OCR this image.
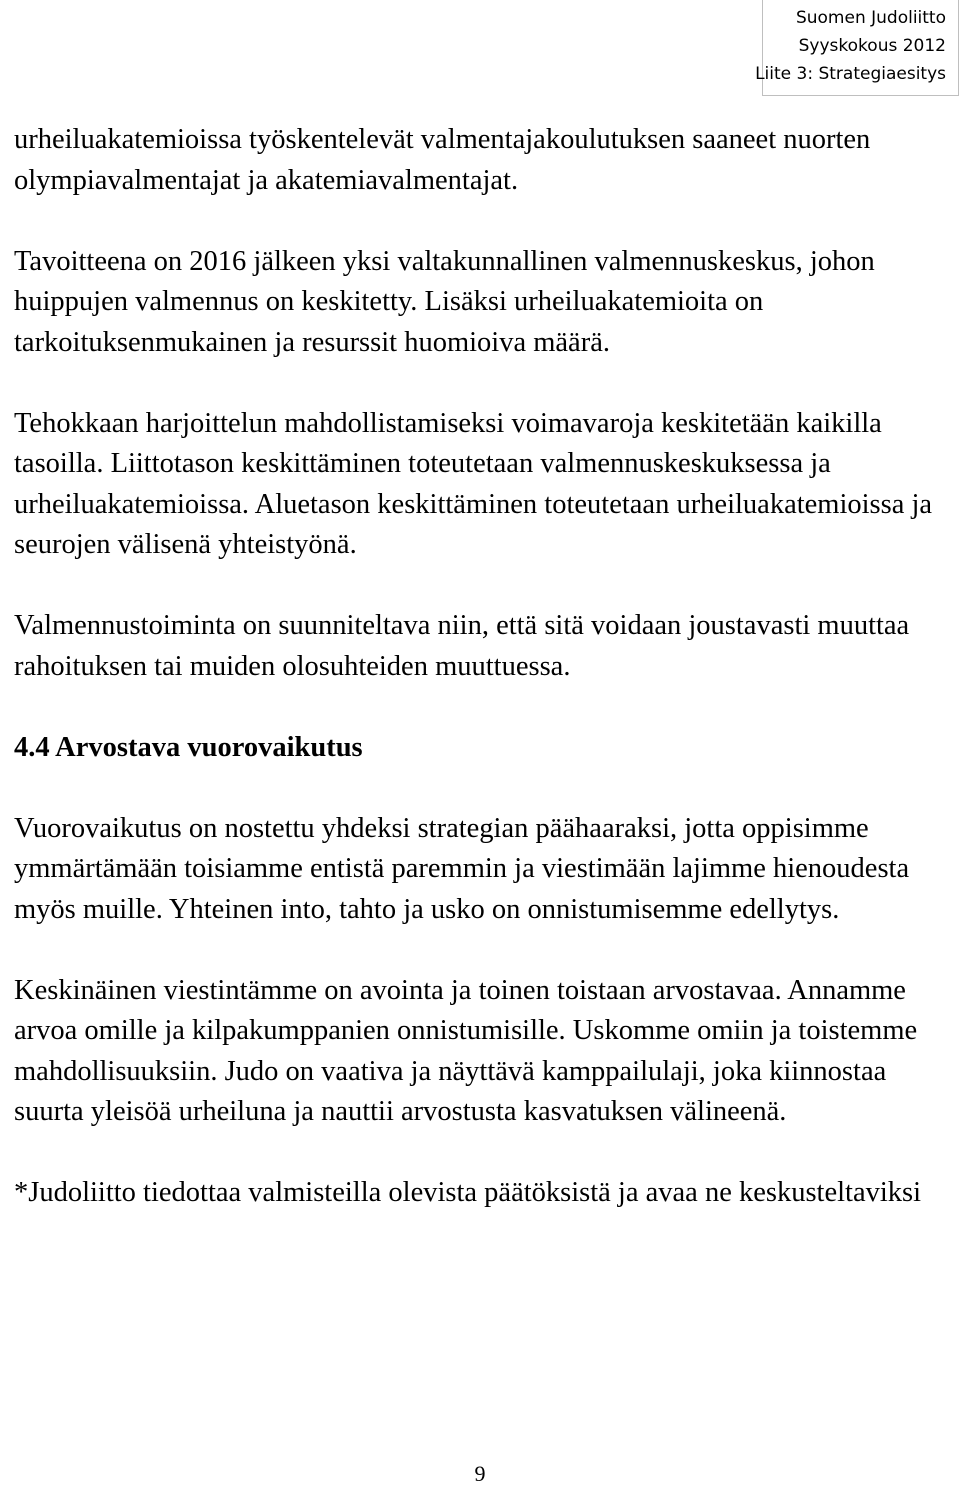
Suomen Judoliitto
Syyskokous 2012
Liite 3: Strategiaesitys

urheiluakatemioissa työskentelevät valmentajakoulutuksen saaneet nuorten olympiavalmentajat ja akatemiavalmentajat.

Tavoitteena on 2016 jälkeen yksi valtakunnallinen valmennuskeskus, johon huippujen valmennus on keskitetty. Lisäksi urheiluakatemioita on tarkoituksenmukainen ja resurssit huomioiva määrä.

Tehokkaan harjoittelun mahdollistamiseksi voimavaroja keskitetään kaikilla tasoilla. Liittotason keskittäminen toteutetaan valmennuskeskuksessa ja urheiluakatemioissa. Aluetason keskittäminen toteutetaan urheiluakatemioissa ja seurojen välisenä yhteistyönä.

Valmennustoiminta on suunniteltava niin, että sitä voidaan joustavasti muuttaa rahoituksen tai muiden olosuhteiden muuttuessa.

4.4 Arvostava vuorovaikutus

Vuorovaikutus on nostettu yhdeksi strategian päähaaraksi, jotta oppisimme ymmärtämään toisiamme entistä paremmin ja viestimään lajimme hienoudesta myös muille. Yhteinen into, tahto ja usko on onnistumisemme edellytys.

Keskinäinen viestintämme on avointa ja toinen toistaan arvostavaa. Annamme arvoa omille ja kilpakumppanien onnistumisille. Uskomme omiin ja toistemme mahdollisuuksiin. Judo on vaativa ja näyttävä kamppailulaji, joka kiinnostaa suurta yleisöä urheiluna ja nauttii arvostusta kasvatuksen välineenä.

*Judoliitto tiedottaa valmisteilla olevista päätöksistä ja avaa ne keskusteltaviksi

9
